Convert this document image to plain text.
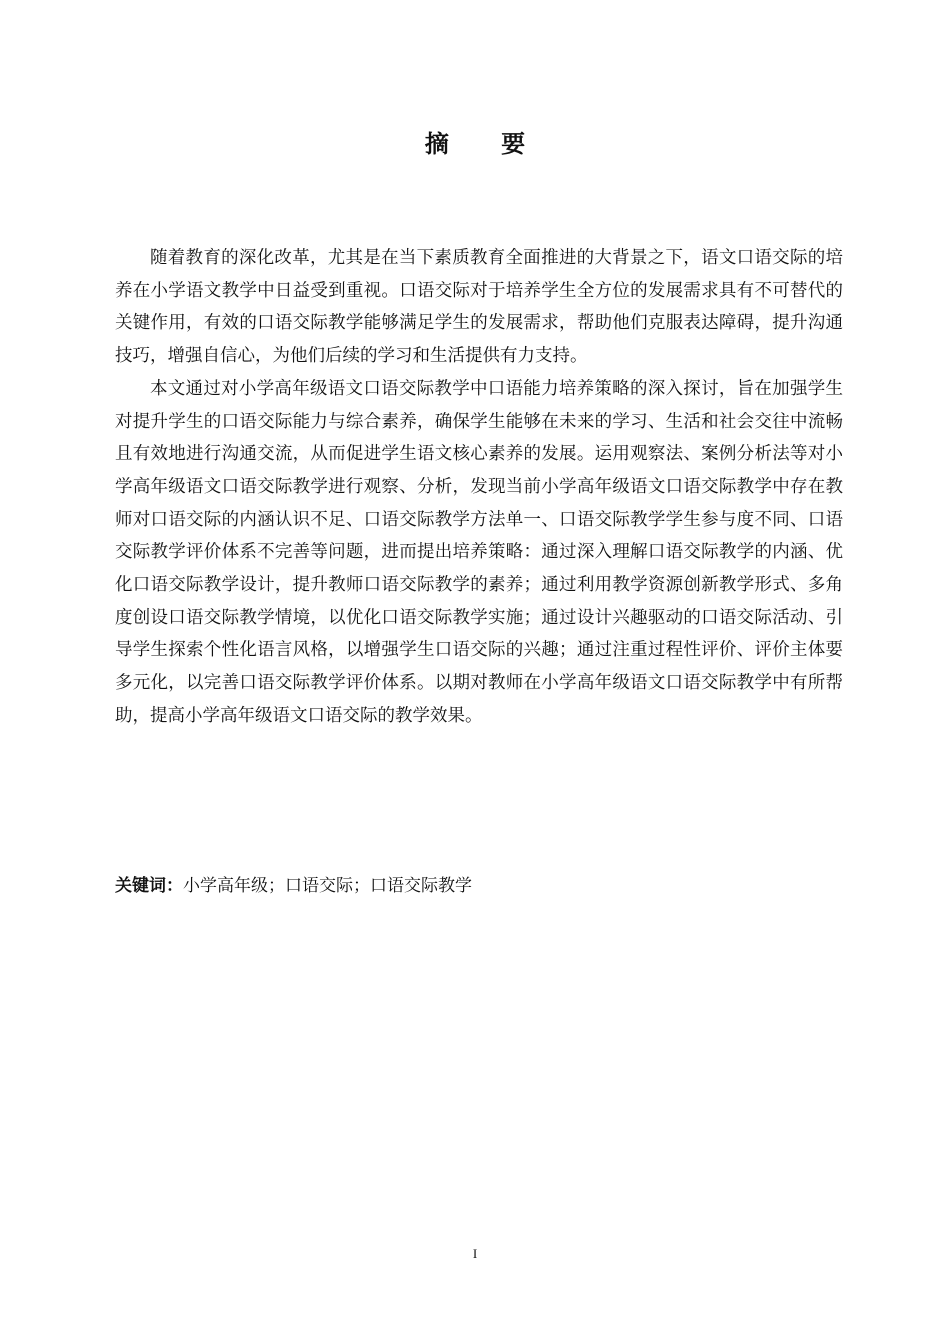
摘 要

随着教育的深化改革，尤其是在当下素质教育全面推进的大背景之下，语文口语交际的培养在小学语文教学中日益受到重视。口语交际对于培养学生全方位的发展需求具有不可替代的关键作用，有效的口语交际教学能够满足学生的发展需求，帮助他们克服表达障碍，提升沟通技巧，增强自信心，为他们后续的学习和生活提供有力支持。

本文通过对小学高年级语文口语交际教学中口语能力培养策略的深入探讨，旨在加强学生对提升学生的口语交际能力与综合素养，确保学生能够在未来的学习、生活和社会交往中流畅且有效地进行沟通交流，从而促进学生语文核心素养的发展。运用观察法、案例分析法等对小学高年级语文口语交际教学进行观察、分析，发现当前小学高年级语文口语交际教学中存在教师对口语交际的内涵认识不足、口语交际教学方法单一、口语交际教学学生参与度不同、口语交际教学评价体系不完善等问题，进而提出培养策略：通过深入理解口语交际教学的内涵、优化口语交际教学设计，提升教师口语交际教学的素养；通过利用教学资源创新教学形式、多角度创设口语交际教学情境，以优化口语交际教学实施；通过设计兴趣驱动的口语交际活动、引导学生探索个性化语言风格，以增强学生口语交际的兴趣；通过注重过程性评价、评价主体要多元化，以完善口语交际教学评价体系。以期对教师在小学高年级语文口语交际教学中有所帮助，提高小学高年级语文口语交际的教学效果。

关键词：小学高年级；口语交际；口语交际教学
I
